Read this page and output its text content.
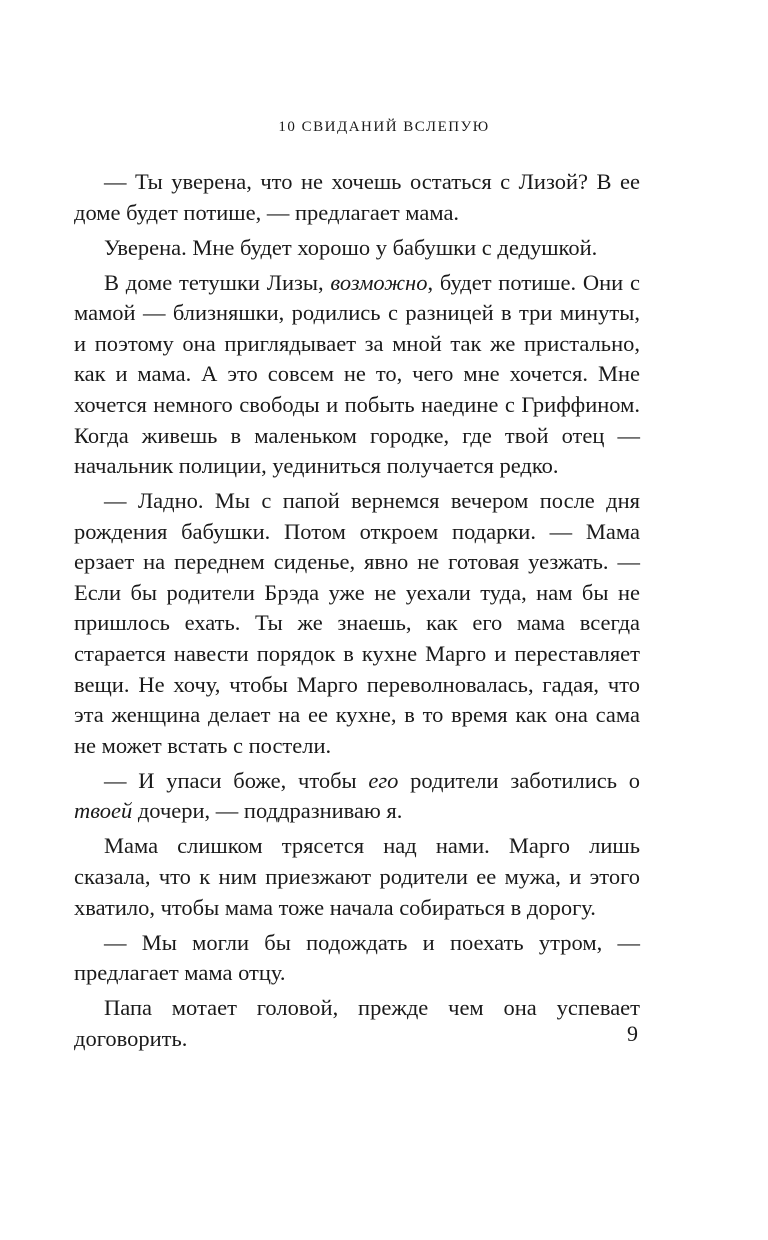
10 СВИДАНИЙ ВСЛЕПУЮ

— Ты уверена, что не хочешь остаться с Лизой? В ее доме будет потише, — предлагает мама.

Уверена. Мне будет хорошо у бабушки с дедушкой.

В доме тетушки Лизы, возможно, будет потише. Они с мамой — близняшки, родились с разницей в три минуты, и поэтому она приглядывает за мной так же пристально, как и мама. А это совсем не то, чего мне хочется. Мне хочется немного свободы и побыть наедине с Гриффином. Когда живешь в маленьком городке, где твой отец — начальник полиции, уединиться получается редко.

— Ладно. Мы с папой вернемся вечером после дня рождения бабушки. Потом откроем подарки. — Мама ерзает на переднем сиденье, явно не готовая уезжать. — Если бы родители Брэда уже не уехали туда, нам бы не пришлось ехать. Ты же знаешь, как его мама всегда старается навести порядок в кухне Марго и переставляет вещи. Не хочу, чтобы Марго переволновалась, гадая, что эта женщина делает на ее кухне, в то время как она сама не может встать с постели.

— И упаси боже, чтобы его родители заботились о твоей дочери, — поддразниваю я.

Мама слишком трясется над нами. Марго лишь сказала, что к ним приезжают родители ее мужа, и этого хватило, чтобы мама тоже начала собираться в дорогу.

— Мы могли бы подождать и поехать утром, — предлагает мама отцу.

Папа мотает головой, прежде чем она успевает договорить.	9
